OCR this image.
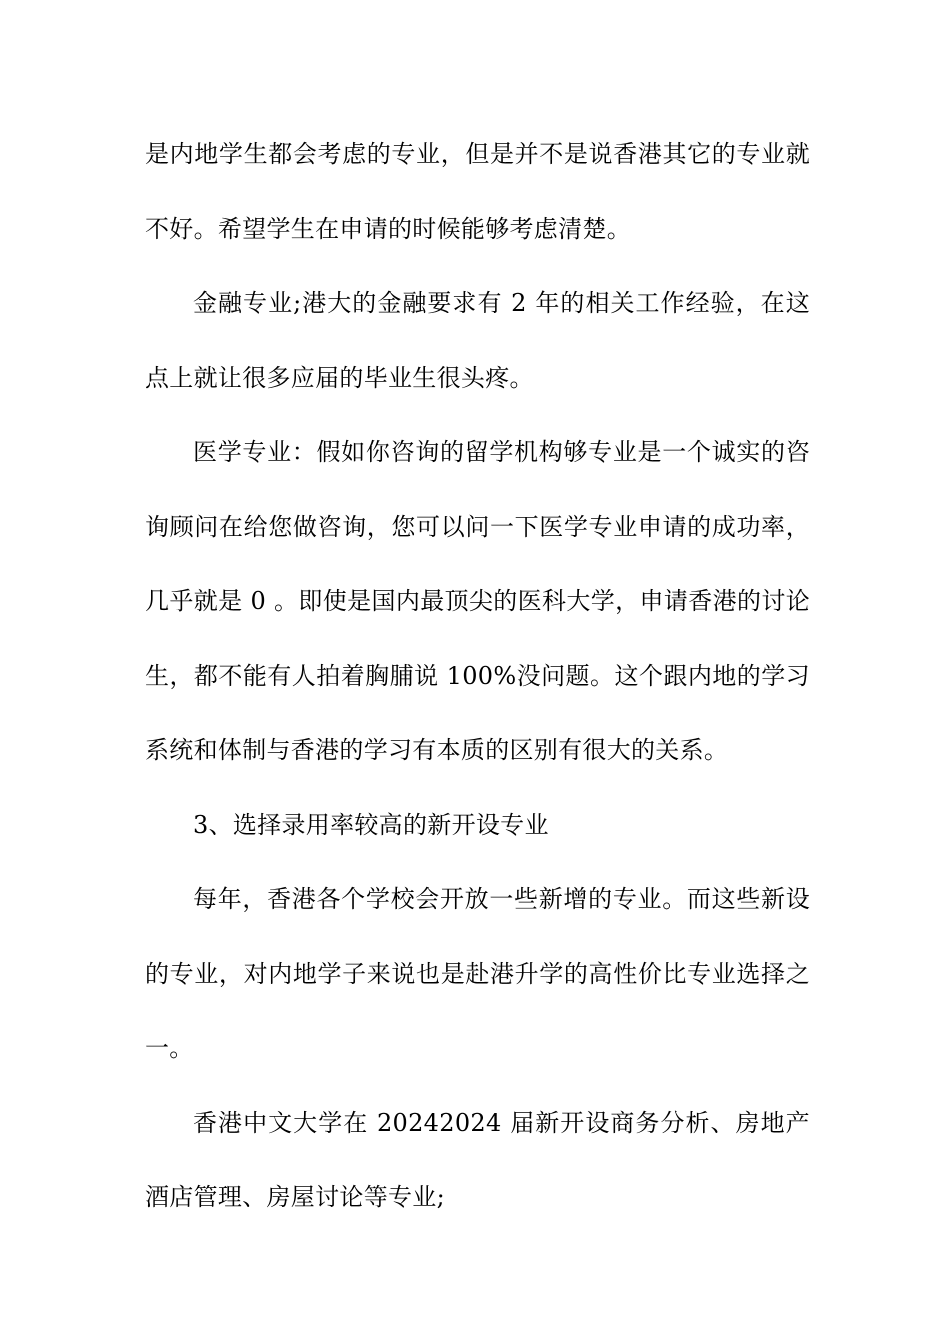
是内地学生都会考虑的专业，但是并不是说香港其它的专业就不好。希望学生在申请的时候能够考虑清楚。

金融专业;港大的金融要求有 2 年的相关工作经验，在这点上就让很多应届的毕业生很头疼。

医学专业：假如你咨询的留学机构够专业是一个诚实的咨询顾问在给您做咨询，您可以问一下医学专业申请的成功率，几乎就是 0 。即使是国内最顶尖的医科大学，申请香港的讨论生，都不能有人拍着胸脯说 100%没问题。这个跟内地的学习系统和体制与香港的学习有本质的区别有很大的关系。

3、选择录用率较高的新开设专业

每年，香港各个学校会开放一些新增的专业。而这些新设的专业，对内地学子来说也是赴港升学的高性价比专业选择之一。

香港中文大学在 20242024 届新开设商务分析、房地产酒店管理、房屋讨论等专业;
